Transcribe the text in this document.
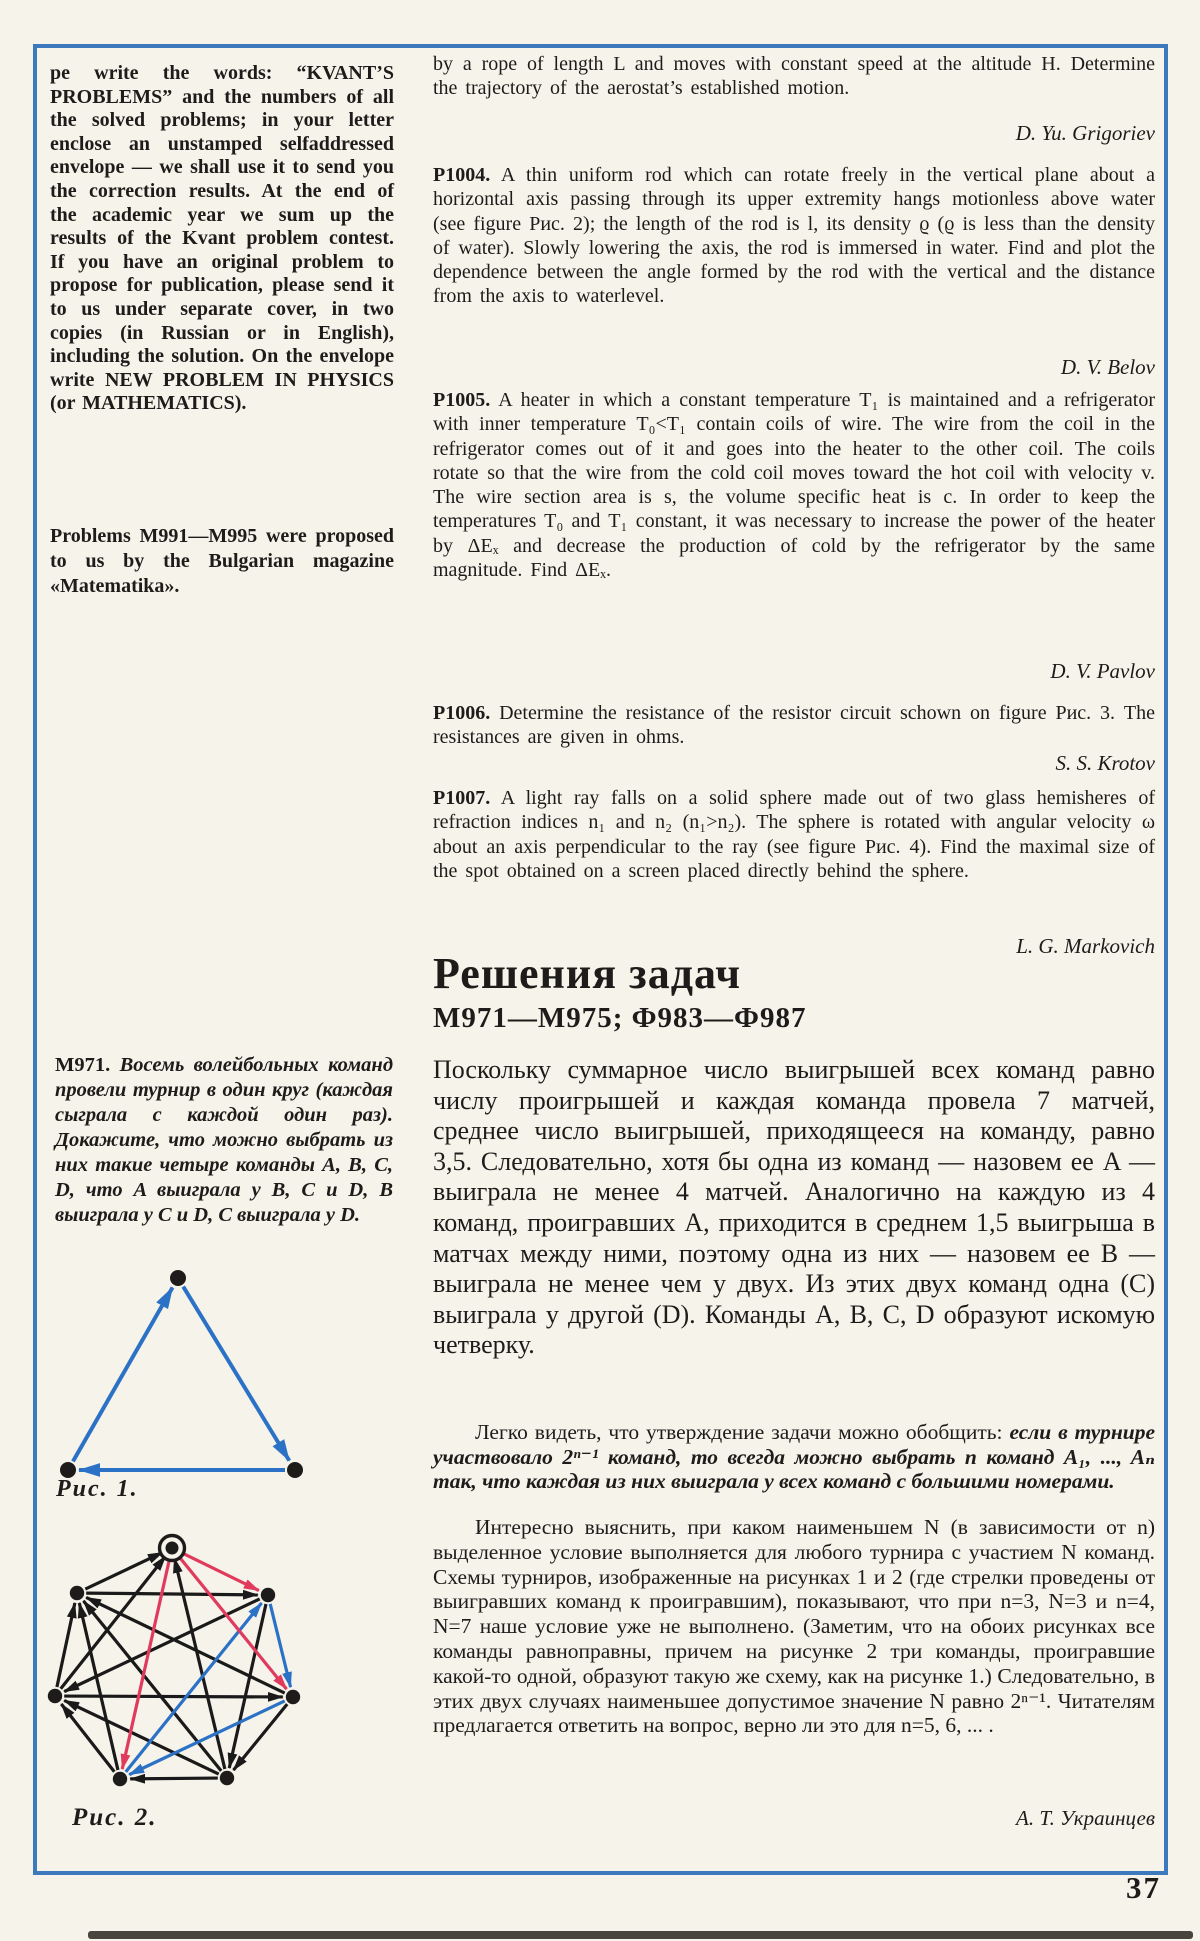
pe write the words: “KVANT’S PROBLEMS” and the numbers of all the solved problems; in your letter enclose an unstamped selfaddressed envelope — we shall use it to send you the correction results. At the end of the academic year we sum up the results of the Kvant problem contest. If you have an original problem to propose for publication, please send it to us under separate cover, in two copies (in Russian or in English), including the solution. On the envelope write NEW PROBLEM IN PHYSICS (or MATHEMATICS).

Problems M991—M995 were proposed to us by the Bulgarian magazine «Matematika».

M971. Восемь волейбольных команд провели турнир в один круг (каждая сыграла с каждой один раз). Докажите, что можно выбрать из них такие четыре команды A, B, C, D, что A выиграла у B, C и D, B выиграла у C и D, C выиграла у D.

Рис. 1.
Рис. 2.

by a rope of length L and moves with constant speed at the altitude H. Determine the trajectory of the aerostat’s established motion.

D. Yu. Grigoriev

P1004. A thin uniform rod which can rotate freely in the vertical plane about a horizontal axis passing through its upper extremity hangs motionless above water (see figure Рис. 2); the length of the rod is l, its density ϱ (ϱ is less than the density of water). Slowly lowering the axis, the rod is immersed in water. Find and plot the dependence between the angle formed by the rod with the vertical and the distance from the axis to waterlevel.

D. V. Belov

P1005. A heater in which a constant temperature T₁ is maintained and a refrigerator with inner temperature T₀<T₁ contain coils of wire. The wire from the coil in the refrigerator comes out of it and goes into the heater to the other coil. The coils rotate so that the wire from the cold coil moves toward the hot coil with velocity v. The wire section area is s, the volume specific heat is c. In order to keep the temperatures T₀ and T₁ constant, it was necessary to increase the power of the heater by ΔEₓ and decrease the production of cold by the refrigerator by the same magnitude. Find ΔEₓ.

D. V. Pavlov

P1006. Determine the resistance of the resistor circuit schown on figure Рис. 3. The resistances are given in ohms.

S. S. Krotov

P1007. A light ray falls on a solid sphere made out of two glass hemisheres of refraction indices n₁ and n₂ (n₁>n₂). The sphere is rotated with angular velocity ω about an axis perpendicular to the ray (see figure Рис. 4). Find the maximal size of the spot obtained on a screen placed directly behind the sphere.

L. G. Markovich
Решения задач
М971—М975; Ф983—Ф987

Поскольку суммарное число выигрышей всех команд равно числу проигрышей и каждая команда провела 7 матчей, среднее число выигрышей, приходящееся на команду, равно 3,5. Следовательно, хотя бы одна из команд — назовем ее A — выиграла не менее 4 матчей. Аналогично на каждую из 4 команд, проигравших A, приходится в среднем 1,5 выигрыша в матчах между ними, поэтому одна из них — назовем ее B — выиграла не менее чем у двух. Из этих двух команд одна (C) выиграла у другой (D). Команды A, B, C, D образуют искомую четверку.

Легко видеть, что утверждение задачи можно обобщить: если в турнире участвовало 2ⁿ⁻¹ команд, то всегда можно выбрать n команд A₁, ..., Aₙ так, что каждая из них выиграла у всех команд с большими номерами.

Интересно выяснить, при каком наименьшем N (в зависимости от n) выделенное условие выполняется для любого турнира с участием N команд. Схемы турниров, изображенные на рисунках 1 и 2 (где стрелки проведены от выигравших команд к проигравшим), показывают, что при n=3, N=3 и n=4, N=7 наше условие уже не выполнено. (Заметим, что на обоих рисунках все команды равноправны, причем на рисунке 2 три команды, проигравшие какой-то одной, образуют такую же схему, как на рисунке 1.) Следовательно, в этих двух случаях наименьшее допустимое значение N равно 2ⁿ⁻¹. Читателям предлагается ответить на вопрос, верно ли это для n=5, 6, ... .

А. Т. Украинцев
37
